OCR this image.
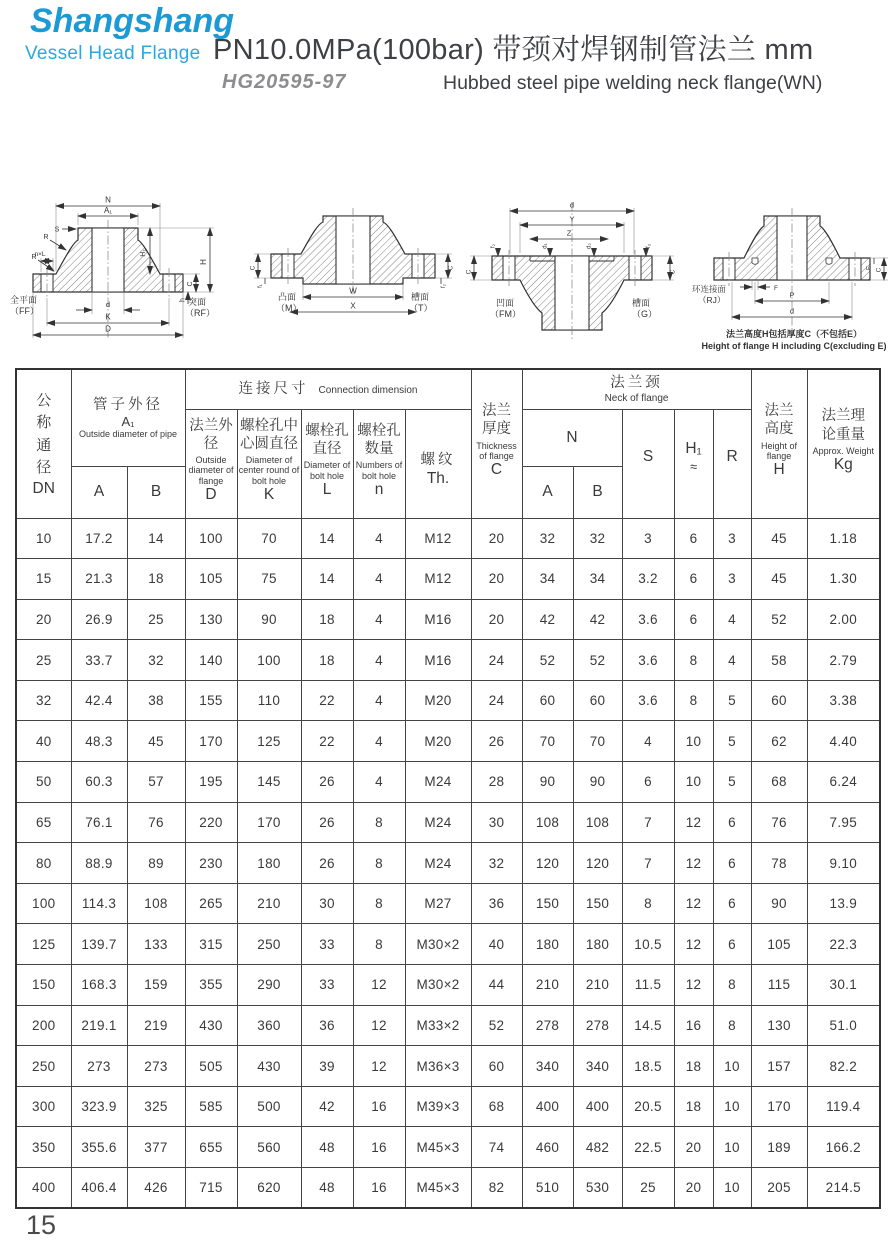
Shangshang
Vessel Head Flange PN10.0MPa(100bar) 带颈对焊钢制管法兰 mm
HG20595-97	Hubbed steel pipe welding neck flange(WN)
N
A₁
S
R
R
n×L	H₁
C
H
h
d
K
D
全平面
（FF）
突面
（RF）
W
X
C
f₁	f₂
C
凸面
（M）
槽面
（T）
d
Y
Z
f₂	d₁	d₂	f₃
C	C
凹面
（FM）
槽面
（G）
C
E
F
P
d
环连接面
（RJ）
法兰高度H包括厚度C（不包括E）
Height of flange H including C(excluding E)
公称通径
DN	
管子外径
A₁
Outside diameter of pipe

连接尺寸 Connection dimension

法兰厚度
Thickness of flange
C

法兰颈
Neck of flange

法兰高度
Height of flange
H

法兰理论重量
Approx. Weight
Kg

			法兰外径
Outside diameter of flange
D	螺栓孔中心圆直径
Diameter of center round of bolt hole
K	螺栓孔直径
Diameter of bolt hole
L	螺栓孔数量
Numbers of bolt hole
n	螺纹
Th.		N		S	H₁
≈	R		

	A	B							A	B					
10	17.2	14	100	70	14	4	M12	20	32	32	3	6	3	45	1.18
15	21.3	18	105	75	14	4	M12	20	34	34	3.2	6	3	45	1.30
20	26.9	25	130	90	18	4	M16	20	42	42	3.6	6	4	52	2.00
25	33.7	32	140	100	18	4	M16	24	52	52	3.6	8	4	58	2.79
32	42.4	38	155	110	22	4	M20	24	60	60	3.6	8	5	60	3.38
40	48.3	45	170	125	22	4	M20	26	70	70	4	10	5	62	4.40
50	60.3	57	195	145	26	4	M24	28	90	90	6	10	5	68	6.24
65	76.1	76	220	170	26	8	M24	30	108	108	7	12	6	76	7.95
80	88.9	89	230	180	26	8	M24	32	120	120	7	12	6	78	9.10
100	114.3	108	265	210	30	8	M27	36	150	150	8	12	6	90	13.9
125	139.7	133	315	250	33	8	M30×2	40	180	180	10.5	12	6	105	22.3
150	168.3	159	355	290	33	12	M30×2	44	210	210	11.5	12	8	115	30.1
200	219.1	219	430	360	36	12	M33×2	52	278	278	14.5	16	8	130	51.0
250	273	273	505	430	39	12	M36×3	60	340	340	18.5	18	10	157	82.2
300	323.9	325	585	500	42	16	M39×3	68	400	400	20.5	18	10	170	119.4
350	355.6	377	655	560	48	16	M45×3	74	460	482	22.5	20	10	189	166.2
400	406.4	426	715	620	48	16	M45×3	82	510	530	25	20	10	205	214.5
15
